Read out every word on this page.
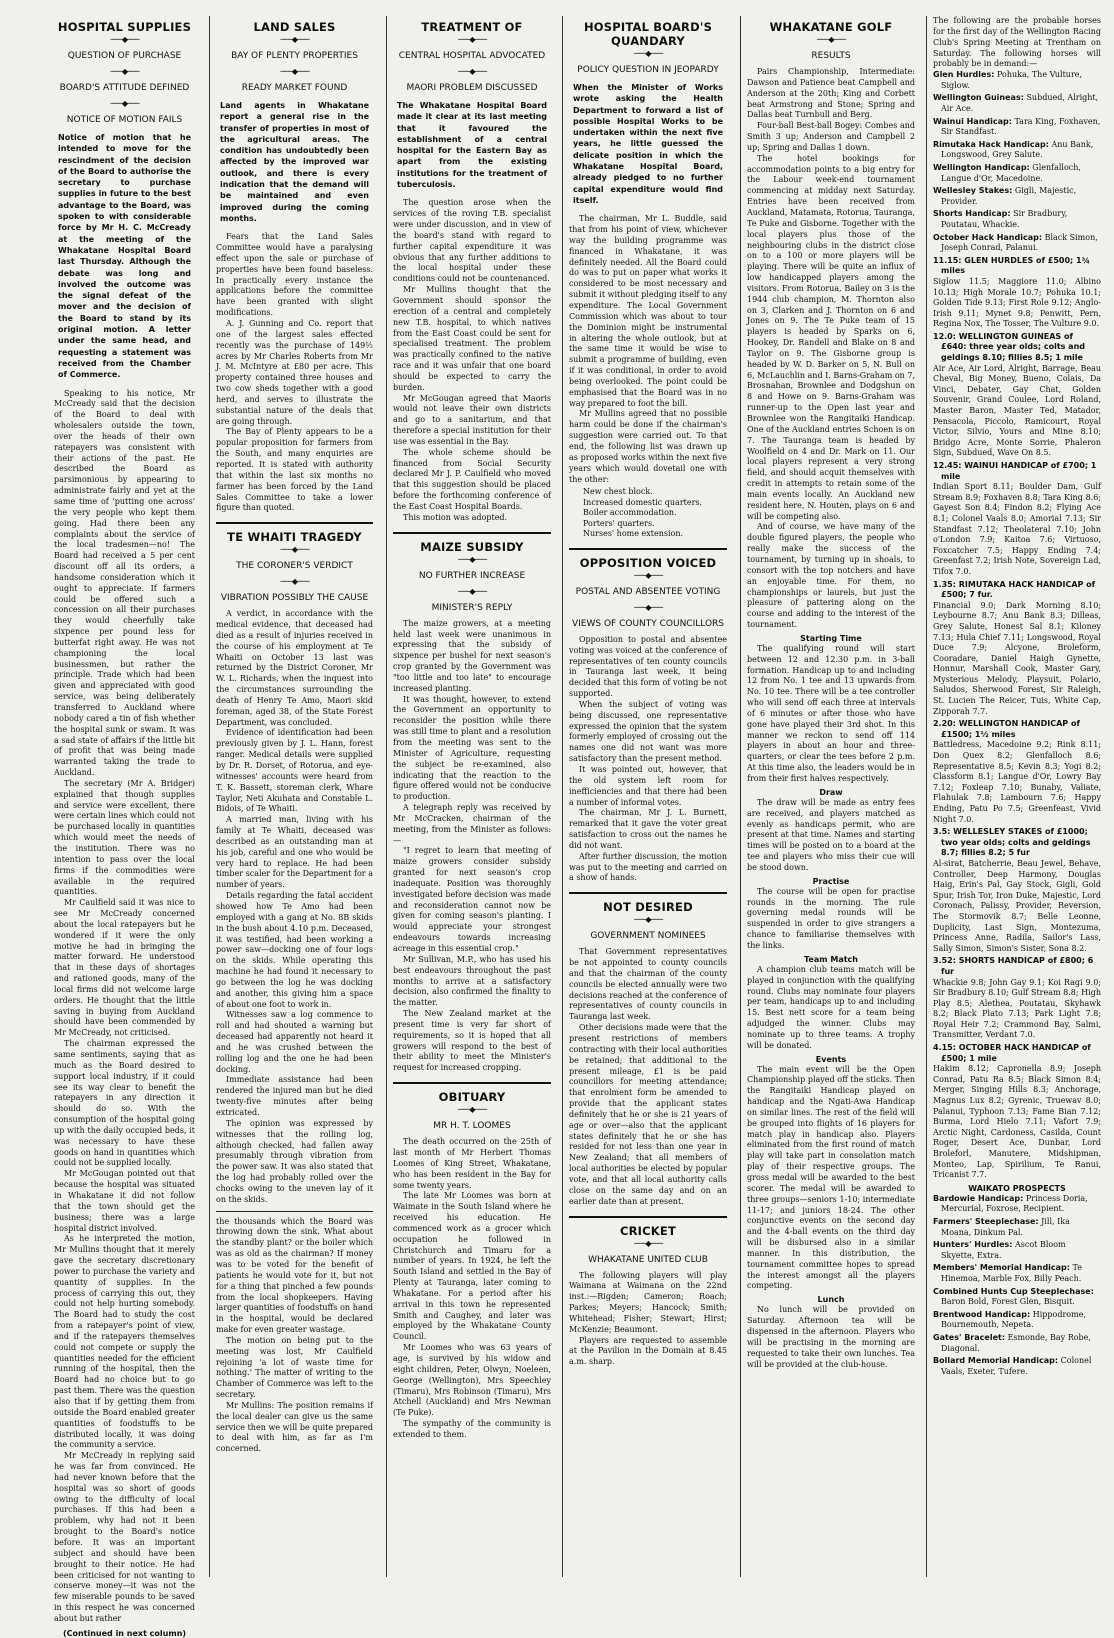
HOSPITAL SUPPLIES
───◆───
QUESTION OF PURCHASE
───◆───
BOARD'S ATTITUDE DEFINED
───◆───
NOTICE OF MOTION FAILS
Notice of motion that he intended to move for the rescindment of the decision of the Board to authorise the secretary to purchase supplies in future to the best advantage to the Board, was spoken to with considerable force by Mr H. C. McCready at the meeting of the Whakatane Hospital Board last Thursday. Although the debate was long and involved the outcome was the signal defeat of the mover and the decision of the Board to stand by its original motion. A letter under the same head, and requesting a statement was received from the Chamber of Commerce.

Speaking to his notice, Mr McCready said that the decision of the Board to deal with wholesalers outside the town, over the heads of their own ratepayers was consistent with their actions of the past. He described the Board as parsimonious by appearing to administrate fairly and yet at the same time of 'putting one across' the very people who kept them going. Had there been any complaints about the service of the local tradesmen—no! The Board had received a 5 per cent discount off all its orders, a handsome consideration which it ought to appreciate. If farmers could be offered such a concession on all their purchases they would cheerfully take sixpence per pound less for butterfat right away. He was not championing the local businessmen, but rather the principle. Trade which had been given and appreciated with good service, was being deliberately transferred to Auckland where nobody cared a tin of fish whether the hospital sunk or swam. It was a sad state of affairs if the little bit of profit that was being made warranted taking the trade to Auckland.

The secretary (Mr A. Bridger) explained that though supplies and service were excellent, there were certain lines which could not be purchased locally in quantities which would meet the needs of the institution. There was no intention to pass over the local firms if the commodities were available in the required quantities.

Mr Caulfield said it was nice to see Mr McCready concerned about the local ratepayers but he wondered if it were the only motive he had in bringing the matter forward. He understood that in these days of shortages and rationed goods, many of the local firms did not welcome large orders. He thought that the little saving in buying from Auckland should have been commended by Mr McCready, not criticised.

The chairman expressed the same sentiments, saying that as much as the Board desired to support local industry, if it could see its way clear to benefit the ratepayers in any direction it should do so. With the consumption of the hospital going up with the daily occupied beds, it was necessary to have these goods on hand in quantities which could not be supplied locally.

Mr McGougan pointed out that because the hospital was situated in Whakatane it did not follow that the town should get the business; there was a large hospital district involved.

As he interpreted the motion, Mr Mullins thought that it merely gave the secretary discretionary power to purchase the variety and quantity of supplies. In the process of carrying this out, they could not help hurting somebody. The Board had to study the cost from a ratepayer's point of view, and if the ratepayers themselves could not compete or supply the quantities needed for the efficient running of the hospital, then the Board had no choice but to go past them. There was the question also that if by getting them from outside the Board enabled greater quantities of foodstuffs to be distributed locally, it was doing the community a service.

Mr McCready in replying said he was far from convinced. He had never known before that the hospital was so short of goods owing to the difficulty of local purchases. If this had been a problem, why had not it been brought to the Board's notice before. It was an important subject and should have been brought to their notice. He had been criticised for not wanting to conserve money—it was not the few miserable pounds to be saved in this respect he was concerned about but rather

(Continued in next column)
LAND SALES
───◆───
BAY OF PLENTY PROPERTIES
───◆───
READY MARKET FOUND
Land agents in Whakatane report a general rise in the transfer of properties in most of the agricultural areas. The condition has undoubtedly been affected by the improved war outlook, and there is every indication that the demand will be maintained and even improved during the coming months.

Fears that the Land Sales Committee would have a paralysing effect upon the sale or purchase of properties have been found baseless. In practically every instance the applications before the committee have been granted with slight modifications.

A. J. Gunning and Co. report that one of the largest sales effected recently was the purchase of 149½ acres by Mr Charles Roberts from Mr J. M. McIntyre at £80 per acre. This property contained three houses and two cow sheds together with a good herd, and serves to illustrate the substantial nature of the deals that are going through.

The Bay of Plenty appears to be a popular proposition for farmers from the South, and many enquiries are reported. It is stated with authority that within the last six months no farmer has been forced by the Land Sales Committee to take a lower figure than quoted.

TE WHAITI TRAGEDY
───◆───
THE CORONER'S VERDICT
───◆───
VIBRATION POSSIBLY THE CAUSE

A verdict, in accordance with the medical evidence, that deceased had died as a result of injuries received in the course of his employment at Te Whaiti on October 13 last was returned by the District Coroner, Mr W. L. Richards, when the inquest into the circumstances surrounding the death of Henry Te Amo, Maori skid foreman, aged 38, of the State Forest Department, was concluded.

Evidence of identification had been previously given by J. L. Hann, forest ranger. Medical details were supplied by Dr. R. Dorset, of Rotorua, and eye-witnesses' accounts were heard from T. K. Bassett, storeman clerk, Whare Taylor, Neti Akuhata and Constable L. Bidois, of Te Whaiti.

A married man, living with his family at Te Whaiti, deceased was described as an outstanding man at his job, careful and one who would be very hard to replace. He had been timber scaler for the Department for a number of years.

Details regarding the fatal accident showed how Te Amo had been employed with a gang at No. 8B skids in the bush about 4.10 p.m. Deceased, it was testified, had been working a power saw—docking one of four logs on the skids. While operating this machine he had found it necessary to go between the log he was docking and another, this giving him a space of about one foot to work in.

Witnesses saw a log commence to roll and had shouted a warning but deceased had apparently not heard it and he was crushed between the rolling log and the one he had been docking.

Immediate assistance had been rendered the injured man but he died twenty-five minutes after being extricated.

The opinion was expressed by witnesses that the rolling log, although checked, had fallen away presumably through vibration from the power saw. It was also stated that the log had probably rolled over the chocks owing to the uneven lay of it on the skids.

the thousands which the Board was throwing down the sink. What about the standby plant? or the boiler which was as old as the chairman? If money was to be voted for the benefit of patients he would vote for it, but not for a thing that pinched a few pounds from the local shopkeepers. Having larger quantities of foodstuffs on hand in the hospital, would be declared make for even greater wastage.

The motion on being put to the meeting was lost, Mr Caulfield rejoining 'a lot of waste time for nothing.' The matter of writing to the Chamber of Commerce was left to the secretary.

Mr Mullins: The position remains if the local dealer can give us the same service then we will be quite prepared to deal with him, as far as I'm concerned.

TREATMENT OF
───◆───
CENTRAL HOSPITAL ADVOCATED
───◆───
MAORI PROBLEM DISCUSSED
The Whakatane Hospital Board made it clear at its last meeting that it favoured the establishment of a central hospital for the Eastern Bay as apart from the existing institutions for the treatment of tuberculosis.

The question arose when the services of the roving T.B. specialist were under discussion, and in view of the board's stand with regard to further capital expenditure it was obvious that any further additions to the local hospital under these conditions could not be countenanced.

Mr Mullins thought that the Government should sponsor the erection of a central and completely new T.B. hospital, to which natives from the East Coast could be sent for specialised treatment. The problem was practically confined to the native race and it was unfair that one board should be expected to carry the burden.

Mr McGougan agreed that Maoris would not leave their own districts and go to a sanitarium, and that therefore a special institution for their use was essential in the Bay.

The whole scheme should be financed from Social Security declared Mr J. P. Caulfield who moved that this suggestion should be placed before the forthcoming conference of the East Coast Hospital Boards.

This motion was adopted.

MAIZE SUBSIDY
───◆───
NO FURTHER INCREASE
───◆───
MINISTER'S REPLY

The maize growers, at a meeting held last week were unanimous in expressing that the subsidy of sixpence per bushel for next season's crop granted by the Government was "too little and too late" to encourage increased planting.

It was thought, however, to extend the Government an opportunity to reconsider the position while there was still time to plant and a resolution from the meeting was sent to the Minister of Agriculture, requesting the subject be re-examined, also indicating that the reaction to the figure offered would not be conducive to production.

A telegraph reply was received by Mr McCracken, chairman of the meeting, from the Minister as follows:—

"I regret to learn that meeting of maize growers consider subsidy granted for next season's crop inadequate. Position was thoroughly investigated before decision was made and reconsideration cannot now be given for coming season's planting. I would appreciate your strongest endeavours towards increasing acreage in this essential crop."

Mr Sullivan, M.P., who has used his best endeavours throughout the past months to arrive at a satisfactory decision, also confirmed the finality to the matter.

The New Zealand market at the present time is very far short of requirements, so it is hoped that all growers will respond to the best of their ability to meet the Minister's request for increased cropping.

OBITUARY
───◆───
MR H. T. LOOMES

The death occurred on the 25th of last month of Mr Herbert Thomas Loomes of King Street, Whakatane, who has been resident in the Bay for some twenty years.

The late Mr Loomes was born at Waimate in the South Island where he received his education. He commenced work as a grocer which occupation he followed in Christchurch and Timaru for a number of years. In 1924, he left the South Island and settled in the Bay of Plenty at Tauranga, later coming to Whakatane. For a period after his arrival in this town he represented Smith and Caughey, and later was employed by the Whakatane County Council.

Mr Loomes who was 63 years of age, is survived by his widow and eight children, Peter, Olwyn, Noeleen, George (Wellington), Mrs Speechley (Timaru), Mrs Robinson (Timaru), Mrs Atchell (Auckland) and Mrs Newman (Te Puke).

The sympathy of the community is extended to them.

HOSPITAL BOARD'S QUANDARY
───◆───
POLICY QUESTION IN JEOPARDY
When the Minister of Works wrote asking the Health Department to forward a list of possible Hospital Works to be undertaken within the next five years, he little guessed the delicate position in which the Whakatane Hospital Board, already pledged to no further capital expenditure would find itself.

The chairman, Mr L. Buddle, said that from his point of view, whichever way the building programme was financed in Whakatane, it was definitely needed. All the Board could do was to put on paper what works it considered to be most necessary and submit it without pledging itself to any expenditure. The Local Government Commission which was about to tour the Dominion might be instrumental in altering the whole outlook, but at the same time it would be wise to submit a programme of building, even if it was conditional, in order to avoid being overlooked. The point could be emphasised that the Board was in no way prepared to foot the bill.

Mr Mullins agreed that no possible harm could be done if the chairman's suggestion were carried out. To that end, the following list was drawn up as proposed works within the next five years which would dovetail one with the other:

New chest block.
Increased domestic quarters.
Boiler accommodation.
Porters' quarters.
Nurses' home extension.
OPPOSITION VOICED
───◆───
POSTAL AND ABSENTEE VOTING
───◆───
VIEWS OF COUNTY COUNCILLORS

Opposition to postal and absentee voting was voiced at the conference of representatives of ten county councils in Tauranga last week, it being decided that this form of voting be not supported.

When the subject of voting was being discussed, one representative expressed the opinion that the system formerly employed of crossing out the names one did not want was more satisfactory than the present method.

It was pointed out, however, that the old system left room for inefficiencies and that there had been a number of informal votes.

The chairman, Mr J. L. Burnett, remarked that it gave the voter great satisfaction to cross out the names he did not want.

After further discussion, the motion was put to the meeting and carried on a show of hands.

NOT DESIRED
───◆───
GOVERNMENT NOMINEES

That Government representatives be not appointed to county councils and that the chairman of the county councils be elected annually were two decisions reached at the conference of representatives of county councils in Tauranga last week.

Other decisions made were that the present restrictions of members contracting with their local authorities be retained; that additional to the present mileage, £1 is be paid councillors for meeting attendance; that enrolment form be amended to provide that the applicant states definitely that he or she is 21 years of age or over—also that the applicant states definitely that he or she has resided for not less than one year in New Zealand; that all members of local authorities be elected by popular vote, and that all local authority calls close on the same day and on an earlier date than at present.

CRICKET
───◆───
WHAKATANE UNITED CLUB

The following players will play Waimana at Waimana on the 22nd inst.:—Rigden; Cameron; Roach; Parkes; Meyers; Hancock; Smith; Whitehead; Fisher; Stewart; Hirst; McKenzie; Beaumont.

Players are requested to assemble at the Pavilion in the Domain at 8.45 a.m. sharp.

WHAKATANE GOLF
───◆───
RESULTS

Pairs Championship, Intermediate: Dawson and Patience beat Campbell and Anderson at the 20th; King and Corbett beat Armstrong and Stone; Spring and Dallas beat Turnbull and Berg.

Four-ball Best-ball Bogey: Combes and Smith 3 up; Anderson and Campbell 2 up; Spring and Dallas 1 down.

The hotel bookings for accommodation points to a big entry for the Labour week-end tournament commencing at midday next Saturday. Entries have been received from Auckland, Matamata, Rotorua, Tauranga, Te Puke and Gisborne. Together with the local players plus those of the neighbouring clubs in the district close on to a 100 or more players will be playing. There will be quite an influx of low handicapped players among the visitors. From Rotorua, Bailey on 3 is the 1944 club champion, M. Thornton also on 3, Clarken and J. Thornton on 6 and Jones on 9. The Te Puke team of 15 players is headed by Sparks on 6, Hookey, Dr. Randell and Blake on 8 and Taylor on 9. The Gisborne group is headed by W. D. Barker on 5, N. Bull on 6, McLauchlin and I. Barns-Graham on 7, Brosnahan, Brownlee and Dodgshun on 8 and Howe on 9. Barns-Graham was runner-up to the Open last year and Brownlee won the Rangitaiki Handicap. One of the Auckland entries Schoen is on 7. The Tauranga team is headed by Woolfield on 4 and Dr. Mark on 11. Our local players represent a very strong field, and should acquit themselves with credit in attempts to retain some of the main events locally. An Auckland new resident here, N. Houten, plays on 6 and will be competing also.

And of course, we have many of the double figured players, the people who really make the success of the tournament, by turning up in shoals, to consort with the top notchers and have an enjoyable time. For them, no championships or laurels, but just the pleasure of pattering along on the course and adding to the interest of the tournament.

Starting Time

The qualifying round will start between 12 and 12.30 p.m. in 3-ball formation. Handicap up to and including 12 from No. 1 tee and 13 upwards from No. 10 tee. There will be a tee controller who will send off each three at intervals of 6 minutes or after those who have gone have played their 3rd shot. In this manner we reckon to send off 114 players in about an hour and three-quarters, or clear the tees before 2 p.m. At this time also, the leaders would be in from their first halves respectively.

Draw

The draw will be made as entry fees are received, and players matched as evenly as handicaps permit, who are present at that time. Names and starting times will be posted on to a board at the tee and players who miss their cue will be stood down.

Practise

The course will be open for practise rounds in the morning. The rule governing medal rounds will be suspended in order to give strangers a chance to familiarise themselves with the links.

Team Match

A champion club teams match will be played in conjunction with the qualifying round. Clubs may nominate four players per team, handicaps up to and including 15. Best nett score for a team being adjudged the winner. Clubs may nominate up to three teams. A trophy will be donated.

Events

The main event will be the Open Championship played off the sticks. Then the Rangitaiki Handicap played on handicap and the Ngati-Awa Handicap on similar lines. The rest of the field will be grouped into flights of 16 players for match play in handicap also. Players eliminated from the first round of match play will take part in consolation match play of their respective groups. The gross medal will be awarded to the best scorer. The medal will be awarded to three groups—seniors 1-10; intermediate 11-17; and juniors 18-24. The other conjunctive events on the second day and the 4-ball events on the third day will be disbursed also in a similar manner. In this distribution, the tournament committee hopes to spread the interest amongst all the players competing.

Lunch

No lunch will be provided on Saturday. Afternoon tea will be dispensed in the afternoon. Players who will be practising in the morning are requested to take their own lunches. Tea will be provided at the club-house.

The following are the probable horses for the first day of the Wellington Racing Club's Spring Meeting at Trentham on Saturday. The following horses will probably be in demand:—

Glen Hurdles: Pohuka, The Vulture, Siglow.
Wellington Guineas: Subdued, Alright, Air Ace.
Wainui Handicap: Tara King, Foxhaven, Sir Standfast.
Rimutaka Hack Handicap: Anu Bank, Longswood, Grey Salute.
Wellington Handicap: Glenfalloch, Langue d'Or, Macedoine.
Wellesley Stakes: Gigli, Majestic, Provider.
Shorts Handicap: Sir Bradbury, Poutatau, Whackie.
October Hack Handicap: Black Simon, Joseph Conrad, Palanui.
11.15: GLEN HURDLES of £500; 1¾ miles
Siglow 11.5; Maggiore 11.0; Albino 10.13; High Morale 10.7; Pohuka 10.1; Golden Tide 9.13; First Role 9.12; Anglo-Irish 9.11; Mynet 9.8; Penwitt, Pern, Regina Nox, The Tosser, The Vulture 9.0.
12.0: WELLINGTON GUINEAS of £640: three year olds; colts and geldings 8.10; fillies 8.5; 1 mile
Air Ace, Air Lord, Alright, Barrage, Beau Cheval, Big Money, Bueno, Colais, Da Vinci, Debater, Gay Chat, Golden Souvenir, Grand Coulee, Lord Roland, Master Baron, Master Ted, Matador, Pensacola, Piccolo, Ramicourt, Royal Victor, Silvio, Yours and Mine 8.10; Bridgo Acre, Monte Sorrie, Phaleron Sign, Subdued, Wave On 8.5.
12.45: WAINUI HANDICAP of £700; 1 mile
Indian Sport 8.11; Boulder Dam, Gulf Stream 8.9; Foxhaven 8.8; Tara King 8.6; Gayest Son 8.4; Findon 8.2; Flying Ace 8.1; Colonel Vaals 8.0; Amorial 7.13; Sir Standfast 7.12; Theolateral 7.10; John o'London 7.9; Kaitoa 7.6; Virtuoso, Foxcatcher 7.5; Happy Ending 7.4; Greenfast 7.2; Irish Note, Sovereign Lad, Tifox 7.0.
1.35: RIMUTAKA HACK HANDICAP of £500; 7 fur.
Financial 9.0; Dark Morning 8.10; Leybourne 8.7; Anu Bank 8.3; Dilleas, Grey Salute, Honest Sal 8.1; Kiloney 7.13; Hula Chief 7.11; Longswood, Royal Duce 7.9; Alcyone, Broleform, Cooradare, Daniel Haigh Gynette, Honnur, Marshall Cook, Master Gary, Mysterious Melody, Playsuit, Polario, Saludos, Sherwood Forest, Sir Raleigh, St. Lucien The Reicer, Tuis, White Cap, Zipporah 7.7.
2.20: WELLINGTON HANDICAP of £1500; 1½ miles
Battledress, Macedoine 9.2; Rink 8.11; Don Quex 8.2; Glenfalloch 8.6; Representative 8.5; Kevin 8.3; Yogi 8.2; Classform 8.1; Langue d'Or, Lowry Bay 7.12; Foxleap 7.10; Bunaby, Valiate, Flahulak 7.8; Lambourn 7.6; Happy Ending, Patu Po 7.5; Greenfeast, Vivid Night 7.0.
3.5: WELLESLEY STAKES of £1000; two year olds; colts and geldings 8.7; fillies 8.2; 5 fur
Al-sirat, Batcherrie, Beau Jewel, Behave, Controller, Deep Harmony, Douglas Haig, Erin's Pal, Gay Stock, Gigli, Gold Spur, Irish Tor, Iron Duke, Majestic, Lord Coronach, Palissy, Provider, Reversion, The Stormovik 8.7; Belle Leonne, Duplicity, Last Sign, Montezuma, Princess Anne, Radila, Sailor's Lass, Sally Simon, Simon's Sister, Sona 8.2.
3.52: SHORTS HANDICAP of £800; 6 fur
Whackie 9.8; John Gay 9.1; Koi Ragi 9.0; Sir Bradbury 8.10; Gulf Stream 8.8; High Play 8.5; Alethea, Poutatau, Skyhawk 8.2; Black Plato 7.13; Park Light 7.8; Royal Heir 7.2; Crammond Bay, Salmi, Transmitter, Verdant 7.0.
4.15: OCTOBER HACK HANDICAP of £500; 1 mile
Hakim 8.12; Capronella 8.9; Joseph Conrad, Patu Ra 8.5; Black Simon 8.4; Merger, Singing Hills 8.3; Anchorage, Magnus Lux 8.2; Gyrenic, Truewav 8.0; Palanui, Typhoon 7.13; Fame Bian 7.12; Burma, Lord Hielo 7.11; Vafort 7.9; Arctic Night, Cardoness, Casilda, Count Roger, Desert Ace, Dunbar, Lord Broleforl, Manutere, Midshipman, Monteo, Lap, Spirilium, Te Ranui, Tricanist 7.7.
WAIKATO PROSPECTS
Bardowie Handicap: Princess Doria, Mercurial, Foxrose, Recipient.
Farmers' Steeplechase: Jill, Ika Moana, Dinkum Pal.
Hunters' Hurdles: Ascot Bloom Skyette, Extra.
Members' Memorial Handicap: Te Hinemoa, Marble Fox, Billy Peach.
Combined Hunts Cup Steeplechase: Baron Bold, Forest Glen, Bisquit.
Brentwood Handicap: Hippodrome, Bournemouth, Nepeta.
Gates' Bracelet: Esmonde, Bay Robe, Diagonal.
Bollard Memorial Handicap: Colonel Vaals, Exeter, Tufere.
